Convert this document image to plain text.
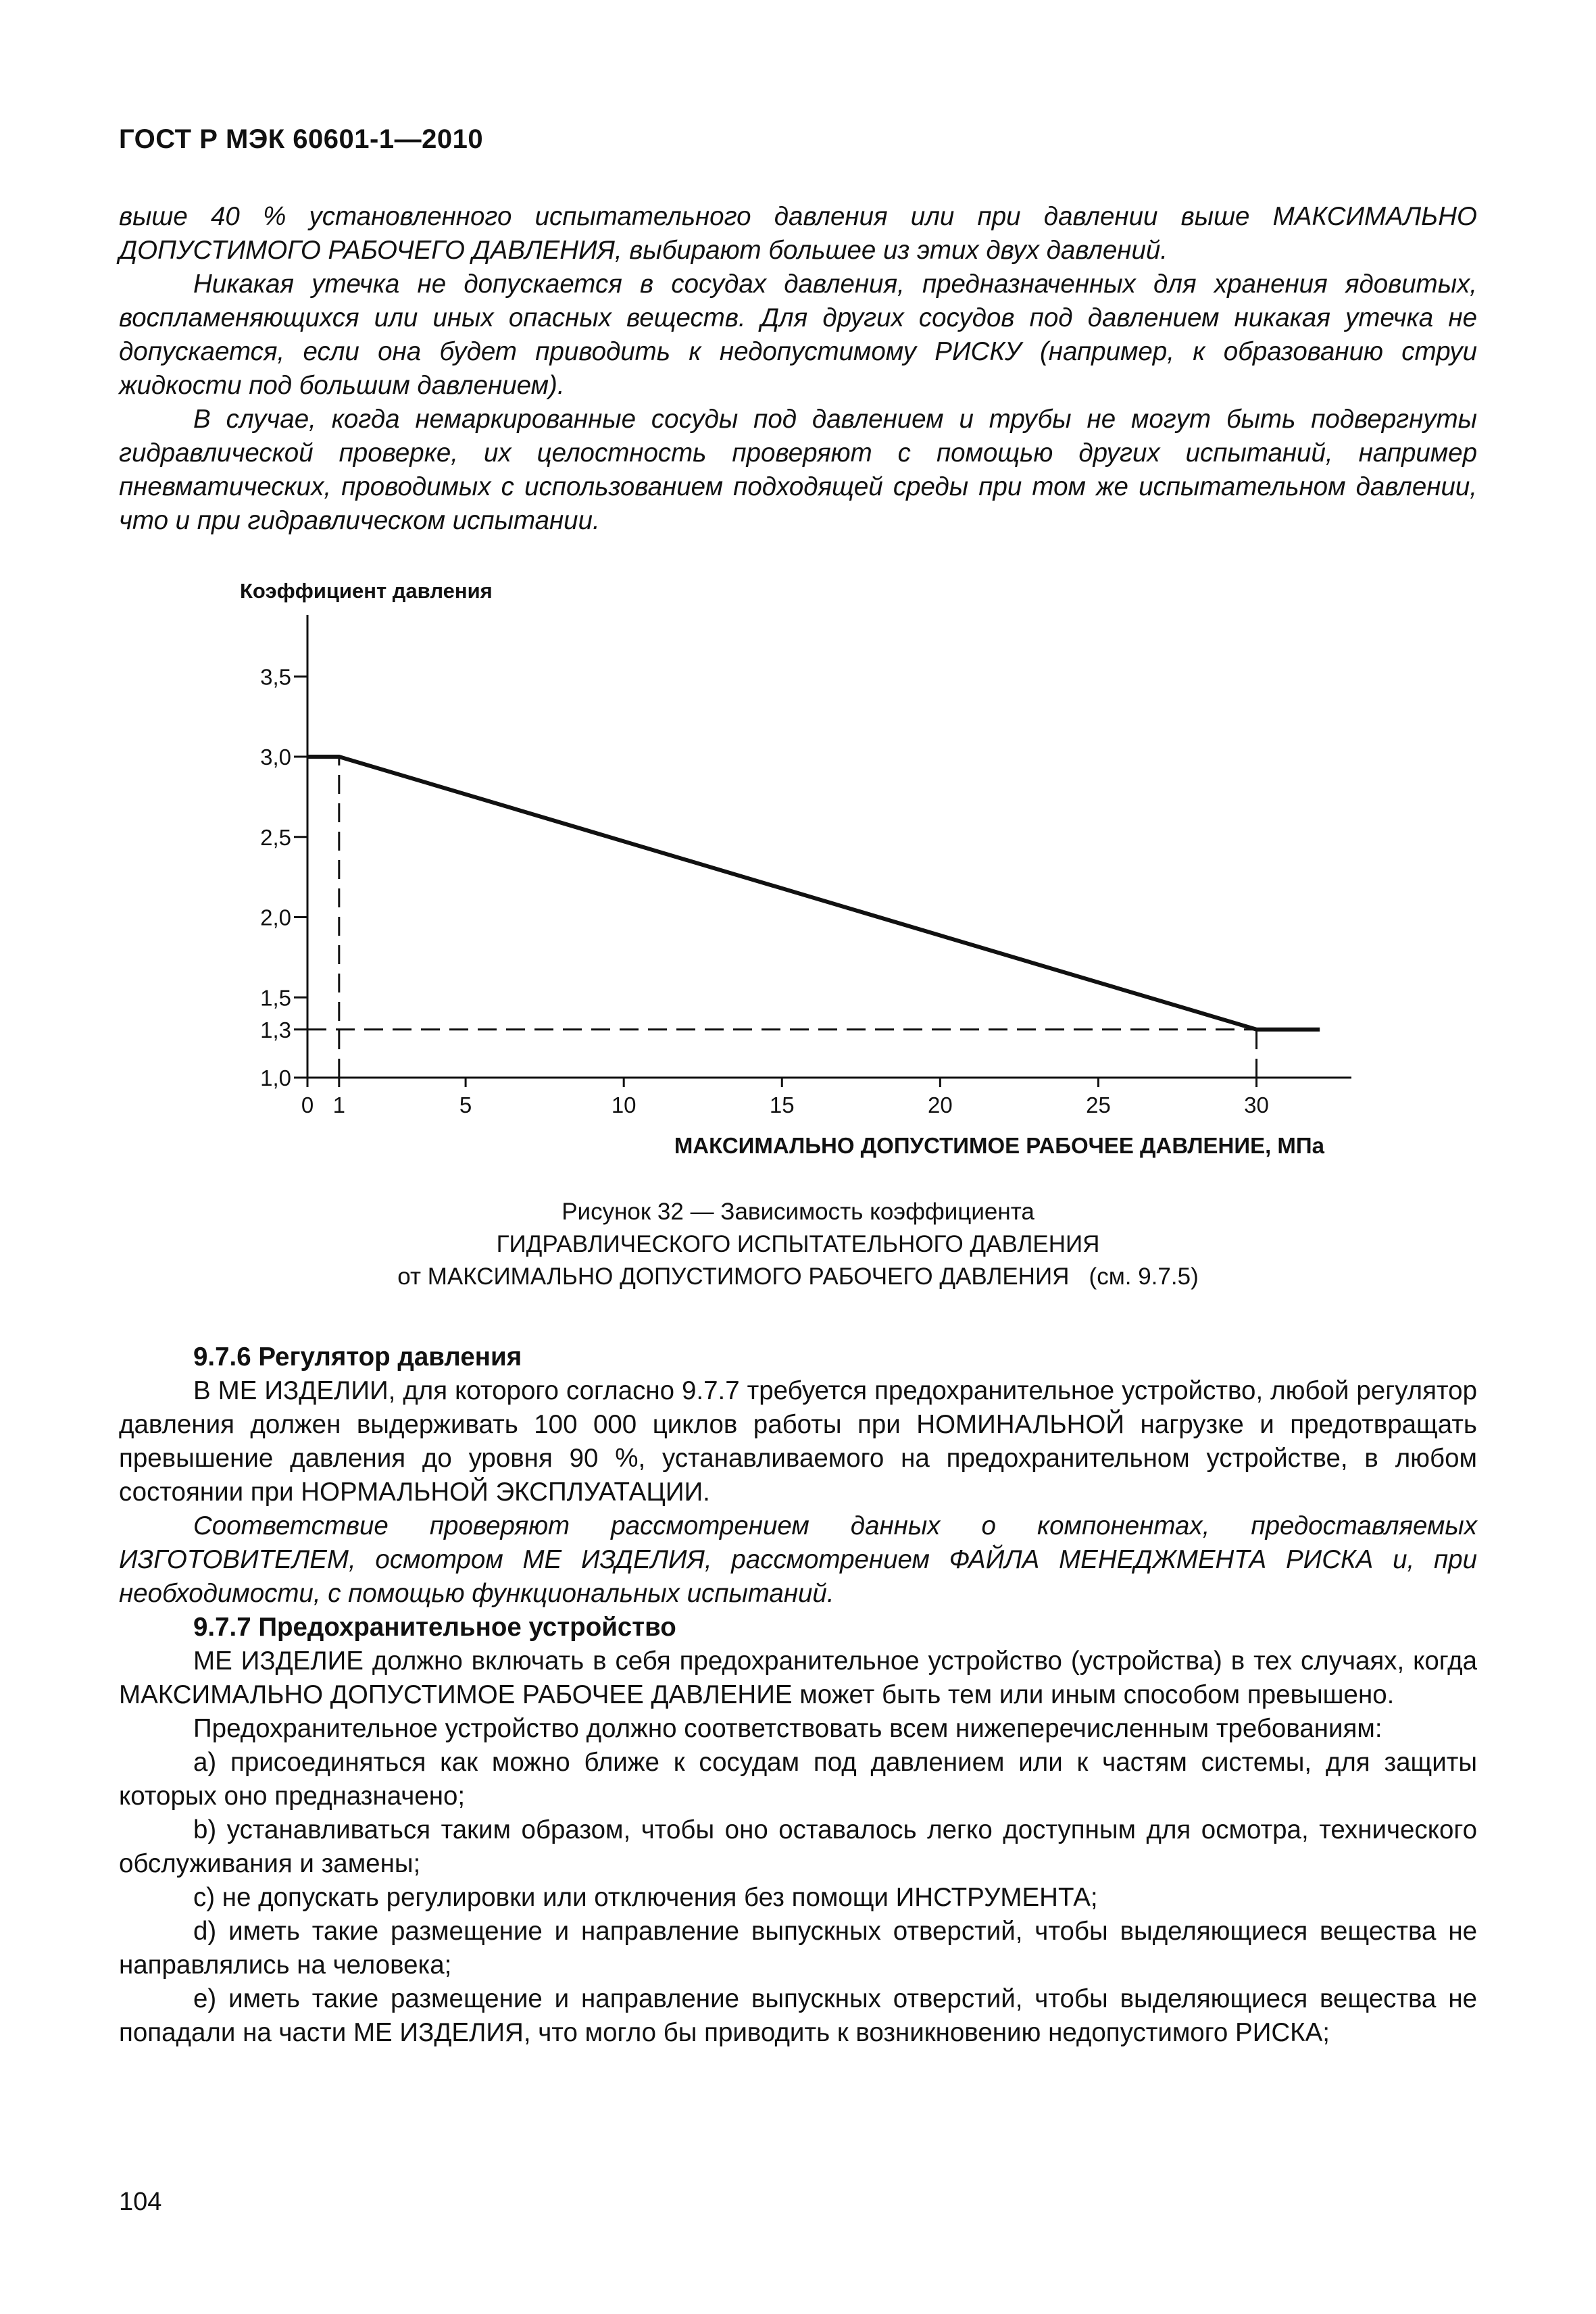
ГОСТ Р МЭК 60601-1—2010

выше 40 % установленного испытательного давления или при давлении выше МАКСИМАЛЬНО ДОПУСТИМОГО РАБОЧЕГО ДАВЛЕНИЯ, выбирают большее из этих двух давлений.

Никакая утечка не допускается в сосудах давления, предназначенных для хранения ядовитых, воспламеняющихся или иных опасных веществ. Для других сосудов под давлением никакая утечка не допускается, если она будет приводить к недопустимому РИСКУ (например, к образованию струи жидкости под большим давлением).

В случае, когда немаркированные сосуды под давлением и трубы не могут быть подвергнуты гидравлической проверке, их целостность проверяют с помощью других испытаний, например пневматических, проводимых с использованием подходящей среды при том же испытательном давлении, что и при гидравлическом испытании.

Коэффициент давления
1,0
1,3
1,5
2,0
2,5
3,0
3,5
0 1	5	10	15	20	25	30
МАКСИМАЛЬНО ДОПУСТИМОЕ РАБОЧЕЕ ДАВЛЕНИЕ, МПа
Рисунок 32 — Зависимость коэффициента
ГИДРАВЛИЧЕСКОГО ИСПЫТАТЕЛЬНОГО ДАВЛЕНИЯ
от МАКСИМАЛЬНО ДОПУСТИМОГО РАБОЧЕГО ДАВЛЕНИЯ   (см. 9.7.5)
9.7.6 Регулятор давления

В МЕ ИЗДЕЛИИ, для которого согласно 9.7.7 требуется предохранительное устройство, любой регулятор давления должен выдерживать 100 000 циклов работы при НОМИНАЛЬНОЙ нагрузке и предотвращать превышение давления до уровня 90 %, устанавливаемого на предохранительном устройстве, в любом состоянии при НОРМАЛЬНОЙ ЭКСПЛУАТАЦИИ.

Соответствие проверяют рассмотрением данных о компонентах, предоставляемых ИЗГОТОВИТЕЛЕМ, осмотром МЕ ИЗДЕЛИЯ, рассмотрением ФАЙЛА МЕНЕДЖМЕНТА РИСКА и, при необходимости, с помощью функциональных испытаний.

9.7.7 Предохранительное устройство

МЕ ИЗДЕЛИЕ должно включать в себя предохранительное устройство (устройства) в тех случаях, когда МАКСИМАЛЬНО ДОПУСТИМОЕ РАБОЧЕЕ ДАВЛЕНИЕ может быть тем или иным способом превышено.

Предохранительное устройство должно соответствовать всем нижеперечисленным требованиям:

а) присоединяться как можно ближе к сосудам под давлением или к частям системы, для защиты которых оно предназначено;

b) устанавливаться таким образом, чтобы оно оставалось легко доступным для осмотра, технического обслуживания и замены;

с) не допускать регулировки или отключения без помощи ИНСТРУМЕНТА;

d) иметь такие размещение и направление выпускных отверстий, чтобы выделяющиеся вещества не направлялись на человека;

е) иметь такие размещение и направление выпускных отверстий, чтобы выделяющиеся вещества не попадали на части МЕ ИЗДЕЛИЯ, что могло бы приводить к возникновению недопустимого РИСКА;

104
